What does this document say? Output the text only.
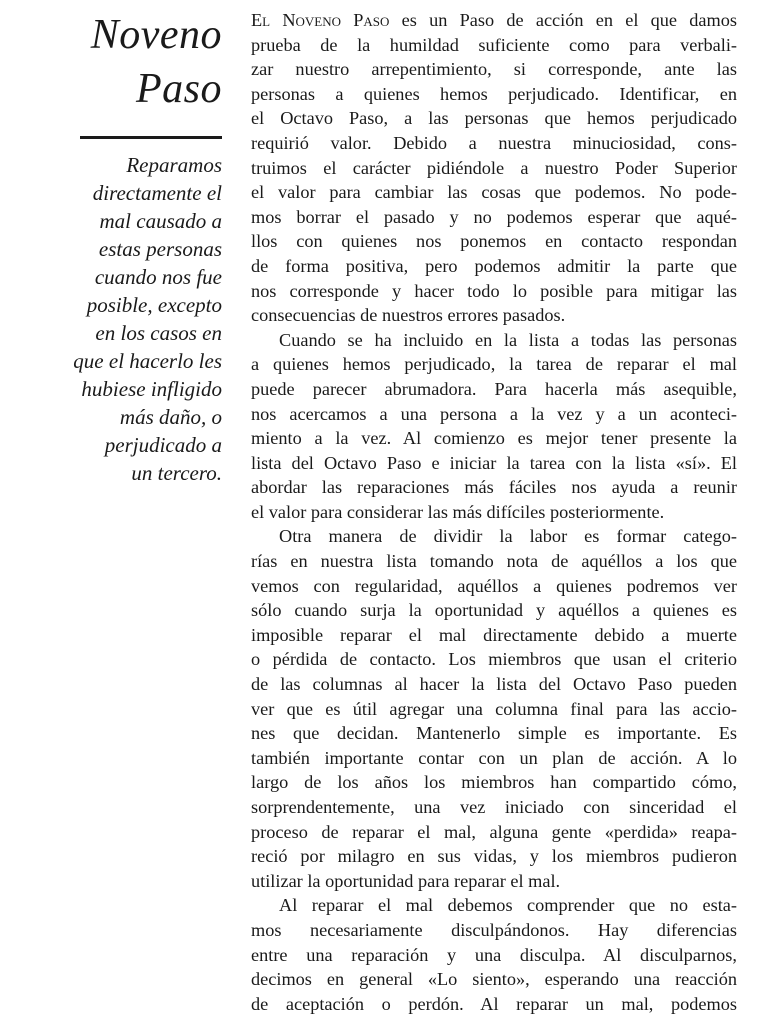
Noveno
Paso
Reparamos
directamente el
mal causado a
estas personas
cuando nos fue
posible, excepto
en los casos en
que el hacerlo les
hubiese infligido
más daño, o
perjudicado a
un tercero.
El Noveno Paso es un Paso de acción en el que damos
prueba de la humildad suficiente como para verbali-
zar nuestro arrepentimiento, si corresponde, ante las
personas a quienes hemos perjudicado. Identificar, en
el Octavo Paso, a las personas que hemos perjudicado
requirió valor. Debido a nuestra minuciosidad, cons-
truimos el carácter pidiéndole a nuestro Poder Superior
el valor para cambiar las cosas que podemos. No pode-
mos borrar el pasado y no podemos esperar que aqué-
llos con quienes nos ponemos en contacto respondan
de forma positiva, pero podemos admitir la parte que
nos corresponde y hacer todo lo posible para mitigar las
consecuencias de nuestros errores pasados.
Cuando se ha incluido en la lista a todas las personas
a quienes hemos perjudicado, la tarea de reparar el mal
puede parecer abrumadora. Para hacerla más asequible,
nos acercamos a una persona a la vez y a un aconteci-
miento a la vez. Al comienzo es mejor tener presente la
lista del Octavo Paso e iniciar la tarea con la lista «sí». El
abordar las reparaciones más fáciles nos ayuda a reunir
el valor para considerar las más difíciles posteriormente.
Otra manera de dividir la labor es formar catego-
rías en nuestra lista tomando nota de aquéllos a los que
vemos con regularidad, aquéllos a quienes podremos ver
sólo cuando surja la oportunidad y aquéllos a quienes es
imposible reparar el mal directamente debido a muerte
o pérdida de contacto. Los miembros que usan el criterio
de las columnas al hacer la lista del Octavo Paso pueden
ver que es útil agregar una columna final para las accio-
nes que decidan. Mantenerlo simple es importante. Es
también importante contar con un plan de acción. A lo
largo de los años los miembros han compartido cómo,
sorprendentemente, una vez iniciado con sinceridad el
proceso de reparar el mal, alguna gente «perdida» reapa-
reció por milagro en sus vidas, y los miembros pudieron
utilizar la oportunidad para reparar el mal.
Al reparar el mal debemos comprender que no esta-
mos necesariamente disculpándonos. Hay diferencias
entre una reparación y una disculpa. Al disculparnos,
decimos en general «Lo siento», esperando una reacción
de aceptación o perdón. Al reparar un mal, podemos
